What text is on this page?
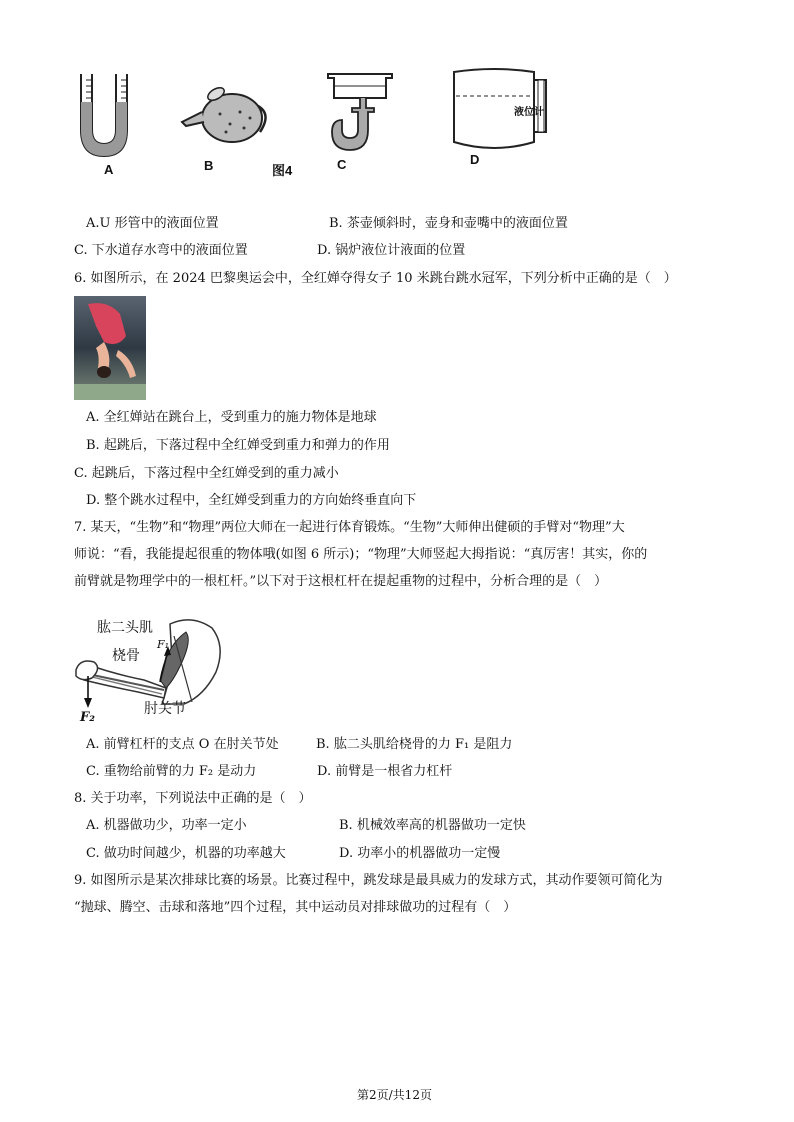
A	B	图4	C
液位计
D
A.U 形管中的液面位置	B. 茶壶倾斜时，壶身和壶嘴中的液面位置
C. 下水道存水弯中的液面位置	D. 锅炉液位计液面的位置
6. 如图所示，在 2024 巴黎奥运会中，全红婵夺得女子 10 米跳台跳水冠军，下列分析中正确的是（　）
A. 全红婵站在跳台上，受到重力的施力物体是地球
B. 起跳后，下落过程中全红婵受到重力和弹力的作用
C. 起跳后，下落过程中全红婵受到的重力减小
D. 整个跳水过程中，全红婵受到重力的方向始终垂直向下
7. 某天，“生物”和“物理”两位大师在一起进行体育锻炼。“生物”大师伸出健硕的手臂对“物理”大
师说：“看，我能提起很重的物体哦(如图 6 所示)；“物理”大师竖起大拇指说：“真厉害！其实，你的
前臂就是物理学中的一根杠杆。”以下对于这根杠杆在提起重物的过程中，分析合理的是（　）
肱二头肌
桡骨
F₁
肘关节
F₂
A. 前臂杠杆的支点 O 在肘关节处	B. 肱二头肌给桡骨的力 F₁ 是阻力
C. 重物给前臂的力 F₂ 是动力	D. 前臂是一根省力杠杆
8. 关于功率，下列说法中正确的是（　）
A. 机器做功少，功率一定小	B. 机械效率高的机器做功一定快
C. 做功时间越少，机器的功率越大	D. 功率小的机器做功一定慢
9. 如图所示是某次排球比赛的场景。比赛过程中，跳发球是最具威力的发球方式，其动作要领可简化为
“抛球、腾空、击球和落地”四个过程，其中运动员对排球做功的过程有（　）
第2页/共12页
